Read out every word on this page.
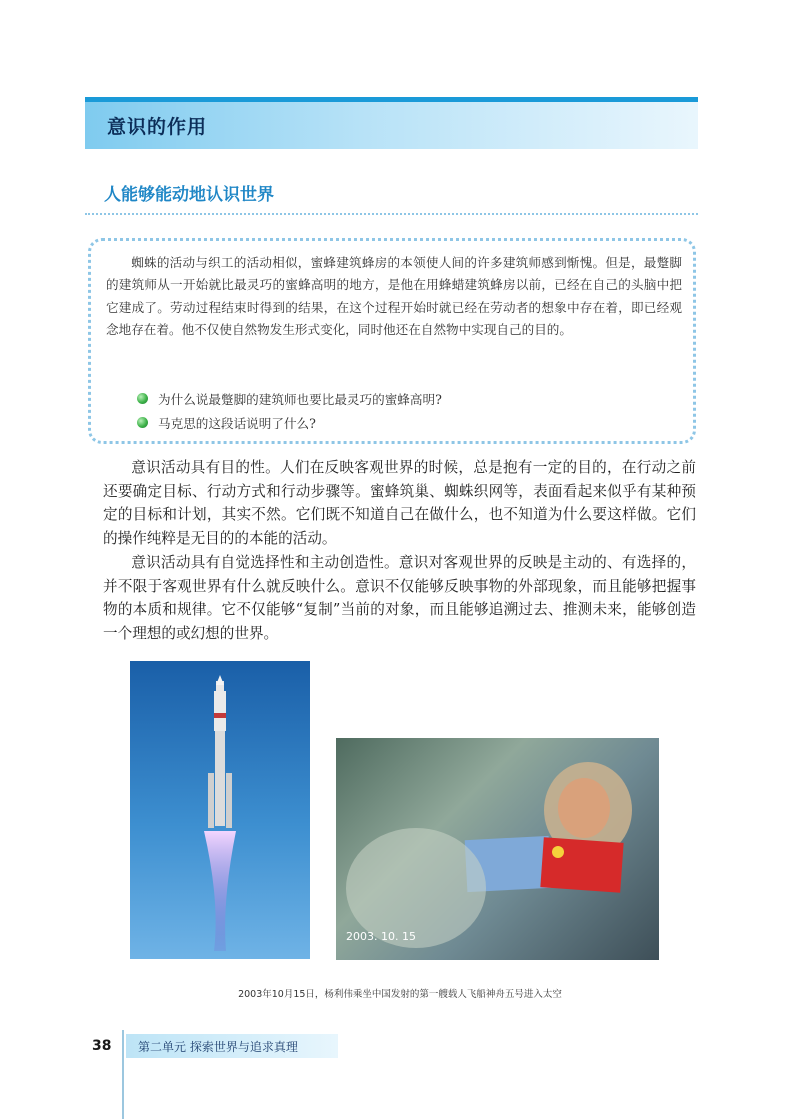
意识的作用
人能够能动地认识世界
蜘蛛的活动与织工的活动相似，蜜蜂建筑蜂房的本领使人间的许多建筑师感到惭愧。但是，最蹩脚的建筑师从一开始就比最灵巧的蜜蜂高明的地方，是他在用蜂蜡建筑蜂房以前，已经在自己的头脑中把它建成了。劳动过程结束时得到的结果，在这个过程开始时就已经在劳动者的想象中存在着，即已经观念地存在着。他不仅使自然物发生形式变化，同时他还在自然物中实现自己的目的。
为什么说最蹩脚的建筑师也要比最灵巧的蜜蜂高明?
马克思的这段话说明了什么?
意识活动具有目的性。人们在反映客观世界的时候，总是抱有一定的目的，在行动之前还要确定目标、行动方式和行动步骤等。蜜蜂筑巢、蜘蛛织网等，表面看起来似乎有某种预定的目标和计划，其实不然。它们既不知道自己在做什么，也不知道为什么要这样做。它们的操作纯粹是无目的的本能的活动。
意识活动具有自觉选择性和主动创造性。意识对客观世界的反映是主动的、有选择的，并不限于客观世界有什么就反映什么。意识不仅能够反映事物的外部现象，而且能够把握事物的本质和规律。它不仅能够“复制”当前的对象，而且能够追溯过去、推测未来，能够创造一个理想的或幻想的世界。
2003. 10. 15
2003年10月15日，杨利伟乘坐中国发射的第一艘载人飞船神舟五号进入太空
38 第二单元 探索世界与追求真理
